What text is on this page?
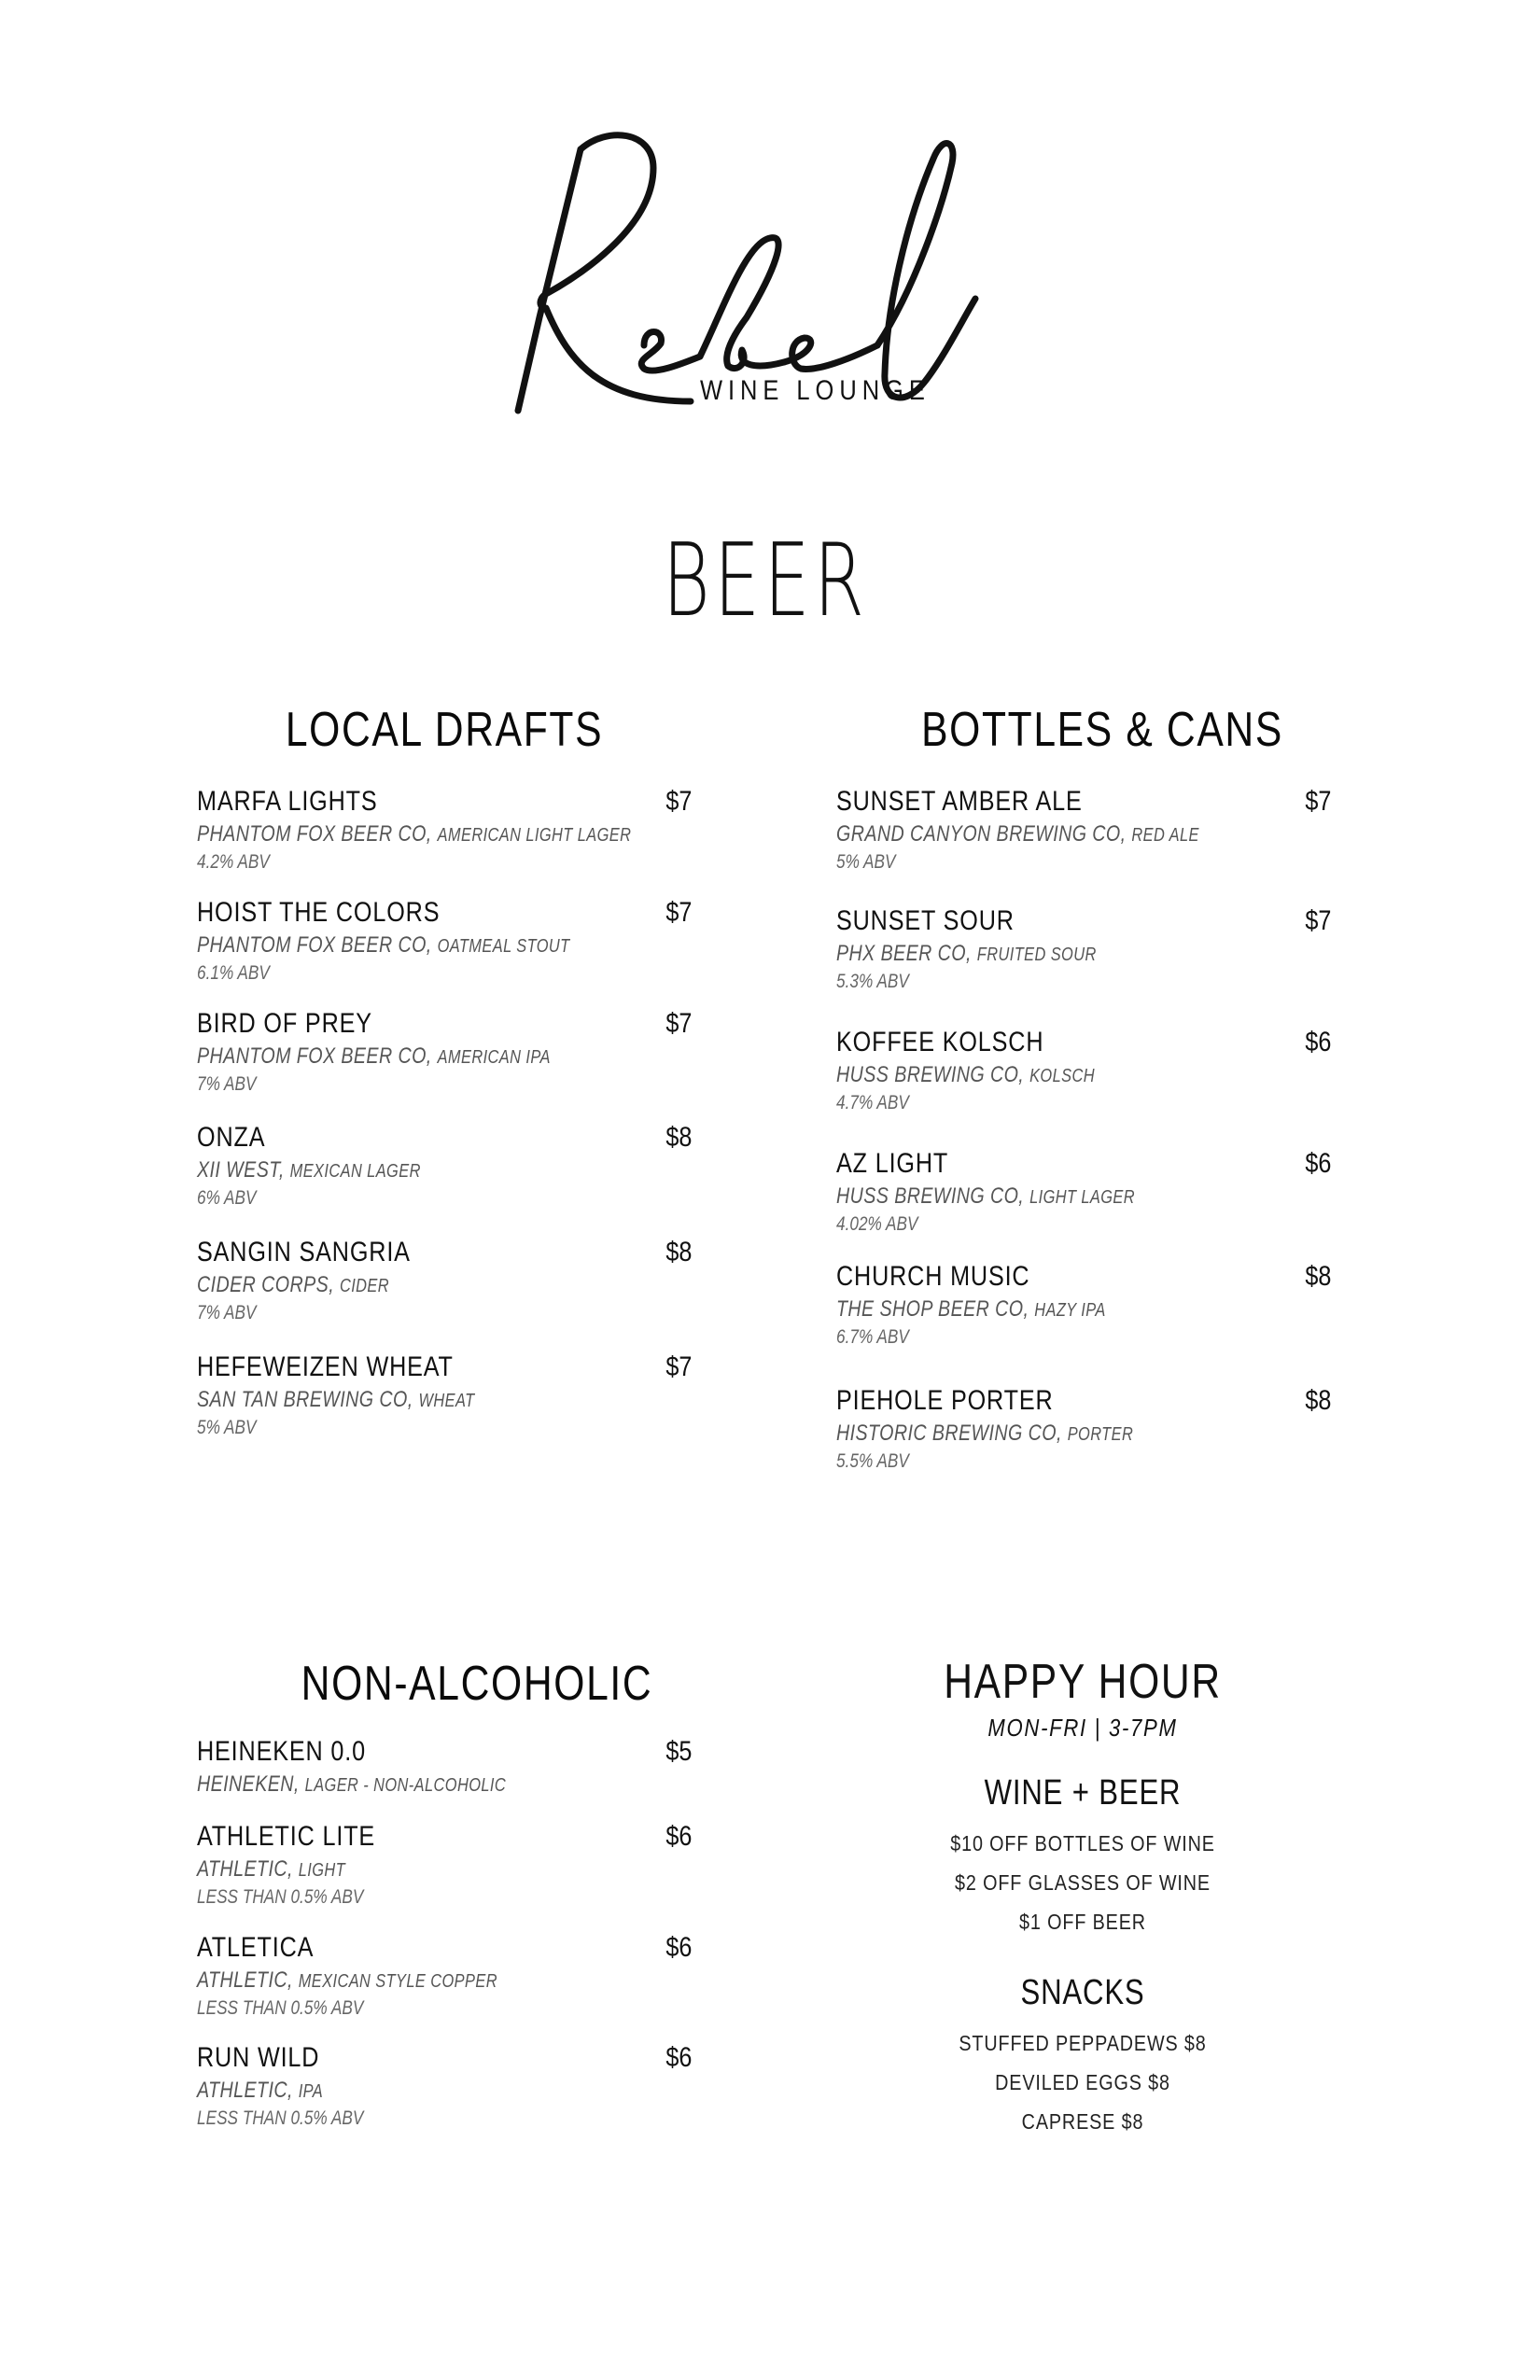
WINE LOUNGE
BEER
LOCAL DRAFTS
MARFA LIGHTS	$7
PHANTOM FOX BEER CO, AMERICAN LIGHT LAGER
4.2% ABV
HOIST THE COLORS	$7
PHANTOM FOX BEER CO, OATMEAL STOUT
6.1% ABV
BIRD OF PREY	$7
PHANTOM FOX BEER CO, AMERICAN IPA
7% ABV
ONZA	$8
XII WEST, MEXICAN LAGER
6% ABV
SANGIN SANGRIA	$8
CIDER CORPS, CIDER
7% ABV
HEFEWEIZEN WHEAT	$7
SAN TAN BREWING CO, WHEAT
5% ABV
BOTTLES & CANS
SUNSET AMBER ALE	$7
GRAND CANYON BREWING CO, RED ALE
5% ABV
SUNSET SOUR	$7
PHX BEER CO, FRUITED SOUR
5.3% ABV
KOFFEE KOLSCH	$6
HUSS BREWING CO, KOLSCH
4.7% ABV
AZ LIGHT	$6
HUSS BREWING CO, LIGHT LAGER
4.02% ABV
CHURCH MUSIC	$8
THE SHOP BEER CO, HAZY IPA
6.7% ABV
PIEHOLE PORTER	$8
HISTORIC BREWING CO, PORTER
5.5% ABV
NON-ALCOHOLIC
HEINEKEN 0.0	$5
HEINEKEN, LAGER - NON-ALCOHOLIC
ATHLETIC LITE	$6
ATHLETIC, LIGHT
LESS THAN 0.5% ABV
ATLETICA	$6
ATHLETIC, MEXICAN STYLE COPPER
LESS THAN 0.5% ABV
RUN WILD	$6
ATHLETIC, IPA
LESS THAN 0.5% ABV
HAPPY HOUR
MON-FRI | 3-7PM
WINE + BEER
$10 OFF BOTTLES OF WINE
$2 OFF GLASSES OF WINE
$1 OFF BEER
SNACKS
STUFFED PEPPADEWS $8
DEVILED EGGS $8
CAPRESE $8
